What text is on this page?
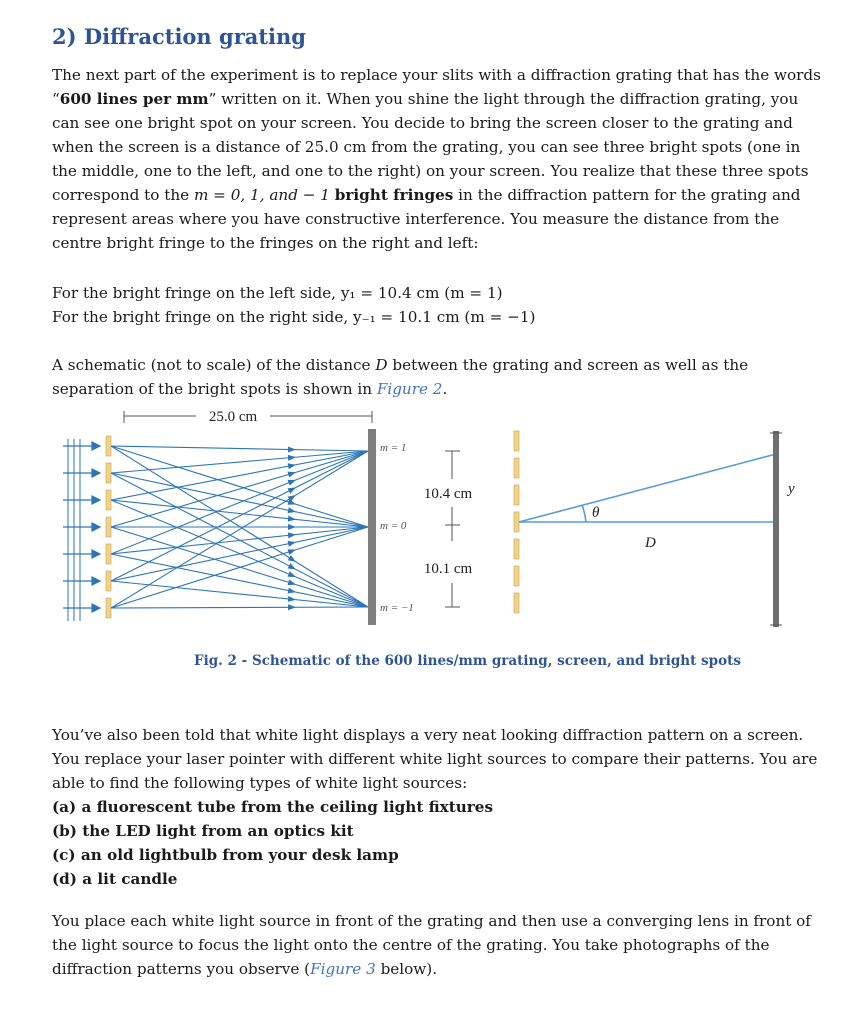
2) Diffraction grating

The next part of the experiment is to replace your slits with a diffraction grating that has the words “600 lines per mm” written on it. When you shine the light through the diffraction grating, you can see one bright spot on your screen. You decide to bring the screen closer to the grating and when the screen is a distance of 25.0 cm from the grating, you can see three bright spots (one in the middle, one to the left, and one to the right) on your screen. You realize that these three spots correspond to the m = 0, 1, and − 1 bright fringes in the diffraction pattern for the grating and represent areas where you have constructive interference. You measure the distance from the centre bright fringe to the fringes on the right and left:

For the bright fringe on the left side, y₁ = 10.4 cm (m = 1)
For the bright fringe on the right side, y₋₁ = 10.1 cm (m = −1)

A schematic (not to scale) of the distance D between the grating and screen as well as the separation of the bright spots is shown in Figure 2.

25.0 cm
m = 1
m = 0
m = −1
10.4 cm
10.1 cm
θ
D
y
Fig. 2 - Schematic of the 600 lines/mm grating, screen, and bright spots

You’ve also been told that white light displays a very neat looking diffraction pattern on a screen. You replace your laser pointer with different white light sources to compare their patterns. You are able to find the following types of white light sources:

(a) a fluorescent tube from the ceiling light fixtures
(b) the LED light from an optics kit
(c) an old lightbulb from your desk lamp
(d) a lit candle

You place each white light source in front of the grating and then use a converging lens in front of the light source to focus the light onto the centre of the grating. You take photographs of the diffraction patterns you observe (Figure 3 below).
